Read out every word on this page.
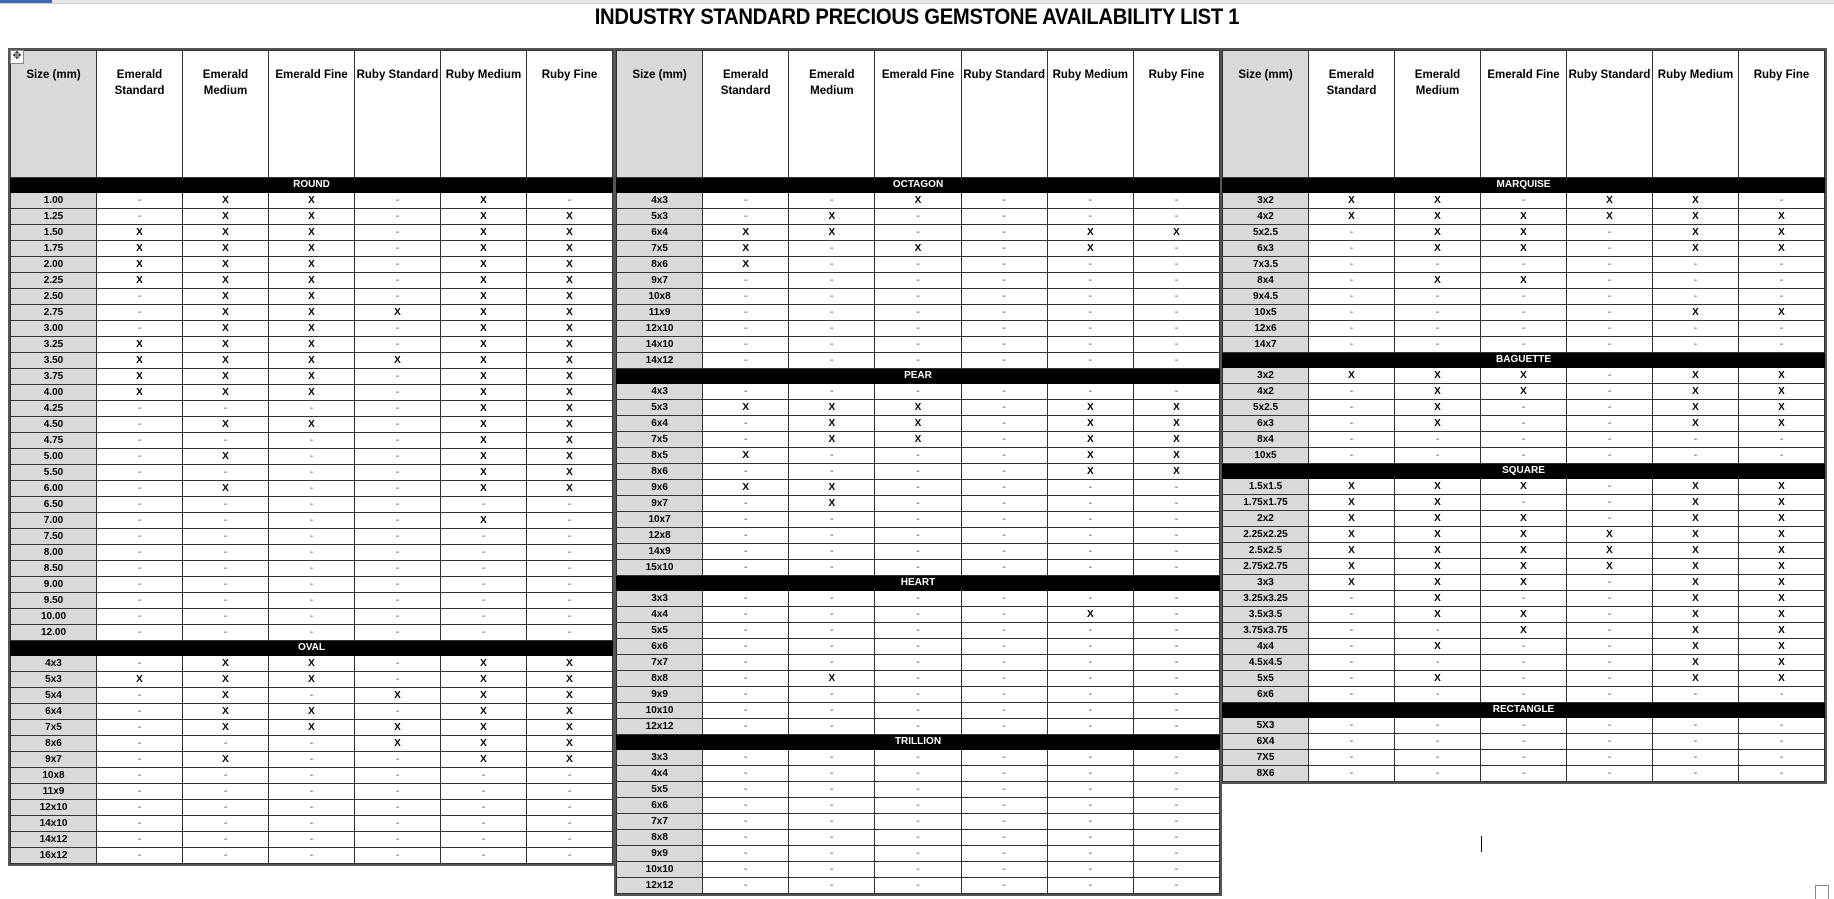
INDUSTRY STANDARD PRECIOUS GEMSTONE AVAILABILITY LIST 1
✥
Size (mm)	Emerald Standard	Emerald Medium	Emerald Fine	Ruby Standard	Ruby Medium	Ruby Fine
ROUND						
1.00	-	X	X	-	X	-
1.25	-	X	X	-	X	X
1.50	X	X	X	-	X	X
1.75	X	X	X	-	X	X
2.00	X	X	X	-	X	X
2.25	X	X	X	-	X	X
2.50	-	X	X	-	X	X
2.75	-	X	X	X	X	X
3.00	-	X	X	-	X	X
3.25	X	X	X	-	X	X
3.50	X	X	X	X	X	X
3.75	X	X	X	-	X	X
4.00	X	X	X	-	X	X
4.25	-	-	-	-	X	X
4.50	-	X	X	-	X	X
4.75	-	-	-	-	X	X
5.00	-	X	-	-	X	X
5.50	-	-	-	-	X	X
6.00	-	X	-	-	X	X
6.50	-	-	-	-	-	-
7.00	-	-	-	-	X	-
7.50	-	-	-	-	-	-
8.00	-	-	-	-	-	-
8.50	-	-	-	-	-	-
9.00	-	-	-	-	-	-
9.50	-	-	-	-	-	-
10.00	-	-	-	-	-	-
12.00	-	-	-	-	-	-
OVAL						
4x3	-	X	X	-	X	X
5x3	X	X	X	-	X	X
5x4	-	X	-	X	X	X
6x4	-	X	X	-	X	X
7x5	-	X	X	X	X	X
8x6	-	-	-	X	X	X
9x7	-	X	-	-	X	X
10x8	-	-	-	-	-	-
11x9	-	-	-	-	-	-
12x10	-	-	-	-	-	-
14x10	-	-	-	-	-	-
14x12	-	-	-	-	-	-
16x12	-	-	-	-	-	-
Size (mm)	Emerald Standard	Emerald Medium	Emerald Fine	Ruby Standard	Ruby Medium	Ruby Fine
OCTAGON						
4x3	-	-	X	-	-	-
5x3	-	X	-	-	-	-
6x4	X	X	-	-	X	X
7x5	X	-	X	-	X	-
8x6	X	-	-	-	-	-
9x7	-	-	-	-	-	-
10x8	-	-	-	-	-	-
11x9	-	-	-	-	-	-
12x10	-	-	-	-	-	-
14x10	-	-	-	-	-	-
14x12	-	-	-	-	-	-
PEAR						
4x3	-	-	-	-	-	-
5x3	X	X	X	-	X	X
6x4	-	X	X	-	X	X
7x5	-	X	X	-	X	X
8x5	X	-	-	-	X	X
8x6	-	-	-	-	X	X
9x6	X	X	-	-	-	-
9x7	-	X	-	-	-	-
10x7	-	-	-	-	-	-
12x8	-	-	-	-	-	-
14x9	-	-	-	-	-	-
15x10	-	-	-	-	-	-
HEART						
3x3	-	-	-	-	-	-
4x4	-	-	-	-	X	-
5x5	-	-	-	-	-	-
6x6	-	-	-	-	-	-
7x7	-	-	-	-	-	-
8x8	-	X	-	-	-	-
9x9	-	-	-	-	-	-
10x10	-	-	-	-	-	-
12x12	-	-	-	-	-	-
TRILLION						
3x3	-	-	-	-	-	-
4x4	-	-	-	-	-	-
5x5	-	-	-	-	-	-
6x6	-	-	-	-	-	-
7x7	-	-	-	-	-	-
8x8	-	-	-	-	-	-
9x9	-	-	-	-	-	-
10x10	-	-	-	-	-	-
12x12	-	-	-	-	-	-
Size (mm)	Emerald Standard	Emerald Medium	Emerald Fine	Ruby Standard	Ruby Medium	Ruby Fine
MARQUISE						
3x2	X	X	-	X	X	-
4x2	X	X	X	X	X	X
5x2.5	-	X	X	-	X	X
6x3	-	X	X	-	X	X
7x3.5	-	-	-	-	-	-
8x4	-	X	X	-	-	-
9x4.5	-	-	-	-	-	-
10x5	-	-	-	-	X	X
12x6	-	-	-	-	-	-
14x7	-	-	-	-	-	-
BAGUETTE						
3x2	X	X	X	-	X	X
4x2	-	X	X	-	X	X
5x2.5	-	X	-	-	X	X
6x3	-	X	-	-	X	X
8x4	-	-	-	-	-	-
10x5	-	-	-	-	-	-
SQUARE						
1.5x1.5	X	X	X	-	X	X
1.75x1.75	X	X	-	-	X	X
2x2	X	X	X	-	X	X
2.25x2.25	X	X	X	X	X	X
2.5x2.5	X	X	X	X	X	X
2.75x2.75	X	X	X	X	X	X
3x3	X	X	X	-	X	X
3.25x3.25	-	X	-	-	X	X
3.5x3.5	-	X	X	-	X	X
3.75x3.75	-	-	X	-	X	X
4x4	-	X	-	-	X	X
4.5x4.5	-	-	-	-	X	X
5x5	-	X	-	-	X	X
6x6	-	-	-	-	-	-
RECTANGLE						
5X3	-	-	-	-	-	-
6X4	-	-	-	-	-	-
7X5	-	-	-	-	-	-
8X6	-	-	-	-	-	-
